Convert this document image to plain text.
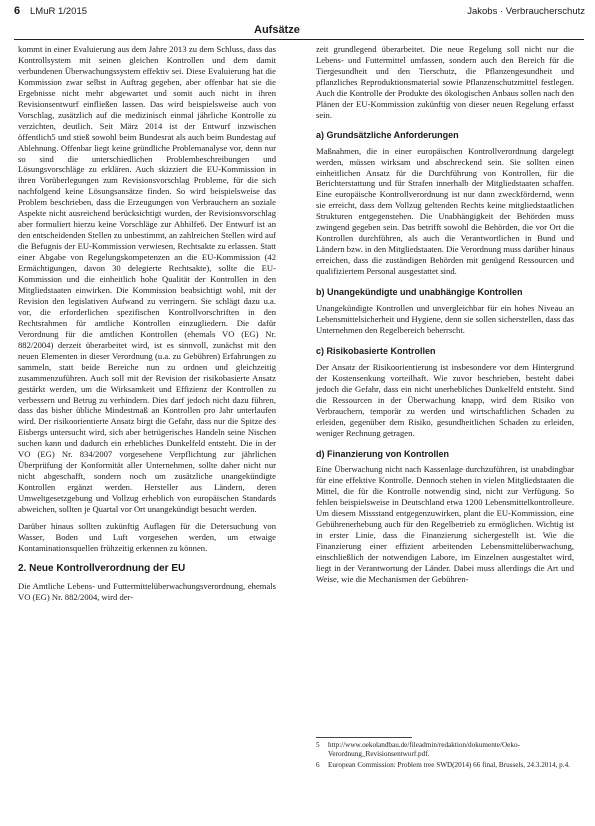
6 LMuR 1/2015	Jakobs · Verbraucherschutz
Aufsätze

kommt in einer Evaluierung aus dem Jahre 2013 zu dem Schluss, dass das Kontrollsystem mit seinen gleichen Kontrollen und dem damit verbundenen Überwachungssystem effektiv sei. Diese Evaluierung hat die Kommission zwar selbst in Auftrag gegeben, aber offenbar hat sie die Ergebnisse nicht mehr abgewartet und somit auch nicht in ihren Revisionsentwurf einfließen lassen. Das wird beispielsweise auch von Vorschlag, zusätzlich auf die medizinisch einmal jährliche Kontrolle zu verzichten, deutlich. Seit März 2014 ist der Entwurf inzwischen öffentlich5 und stieß sowohl beim Bundesrat als auch beim Bundestag auf Ablehnung. Offenbar liegt keine gründliche Problemanalyse vor, denn nur so sind die unterschiedlichen Problembeschreibungen und Lösungsvorschläge zu erklären. Auch skizziert die EU-Kommission in ihren Vorüberlegungen zum Revisionsvorschlag Probleme, für die sich nachfolgend keine Lösungsansätze finden. So wird beispielsweise das Problem beschrieben, dass die Erzeugungen von Verbrauchern an soziale Aspekte nicht ausreichend berücksichtigt wurden, der Revisionsvorschlag aber formuliert hierzu keine Vorschläge zur Abhilfe6. Der Entwurf ist an den entscheidenden Stellen zu unbestimmt, an zahlreichen Stellen wird auf die Befugnis der EU-Kommission verwiesen, Rechtsakte zu erlassen. Statt einer Abgabe von Regelungskompetenzen an die EU-Kommission (42 Ermächtigungen, davon 30 delegierte Rechtsakte), sollte die EU-Kommission und die einheitlich hohe Qualität der Kontrollen in den Mitgliedstaaten einwirken. Die Kommission beabsichtigt wohl, mit der Revision den legislativen Aufwand zu verringern. Sie schlägt dazu u.a. vor, die erforderlichen spezifischen Kontrollvorschriften in den Rechtsrahmen für amtliche Kontrollen einzugliedern. Die dafür Verordnung für die amtlichen Kontrollen (ehemals VO (EG) Nr. 882/2004) derzeit überarbeitet wird, ist es sinnvoll, zunächst mit den neuen Elementen in dieser Verordnung (u.a. zu Gebühren) Erfahrungen zu sammeln, statt beide Bereiche nun zu ordnen und gleichzeitig zusammenzuführen. Auch soll mit der Revision der risikobasierte Ansatz gestärkt werden, um die Wirksamkeit und Effizienz der Kontrollen zu verbessern und Betrug zu verhindern. Dies darf jedoch nicht dazu führen, dass das bisher übliche Mindestmaß an Kontrollen pro Jahr unterlaufen wird. Der risikoorientierte Ansatz birgt die Gefahr, dass nur die Spitze des Eisbergs untersucht wird, sich aber betrügerisches Handeln seine Nischen suchen kann und dadurch ein erhebliches Dunkelfeld entsteht. Die in der VO (EG) Nr. 834/2007 vorgesehene Verpflichtung zur jährlichen Überprüfung der Konformität aller Unternehmen, sollte daher nicht nur nicht abgeschafft, sondern noch um zusätzliche unangekündigte Kontrollen ergänzt werden. Hersteller aus Ländern, deren Umweltgesetzgebung und Vollzug erheblich von europäischen Standards abweichen, sollten je Quartal vor Ort unangekündigt besucht werden.

Darüber hinaus sollten zukünftig Auflagen für die Detersuchung von Wasser, Boden und Luft vorgesehen werden, um etwaige Kontaminationsquellen frühzeitig erkennen zu können.

2. Neue Kontrollverordnung der EU

Die Amtliche Lebens- und Futtermittelüberwachungsverordnung, ehemals VO (EG) Nr. 882/2004, wird der-

zeit grundlegend überarbeitet. Die neue Regelung soll nicht nur die Lebens- und Futtermittel umfassen, sondern auch den Bereich für die Tiergesundheit und den Tierschutz, die Pflanzengesundheit und pflanzliches Reproduktionsmaterial sowie Pflanzenschutzmittel festlegen. Auch die Kontrolle der Produkte des ökologischen Anbaus sollen nach den Plänen der EU-Kommission zukünftig von dieser neuen Regelung erfasst sein.

a) Grundsätzliche Anforderungen

Maßnahmen, die in einer europäischen Kontrollverordnung dargelegt werden, müssen wirksam und abschreckend sein. Sie sollten einen einheitlichen Ansatz für die Durchführung von Kontrollen, für die Berichterstattung und für Strafen innerhalb der Mitgliedstaaten schaffen. Eine europäische Kontrollverordnung ist nur dann zweckfördernd, wenn sie erreicht, dass dem Vollzug geltenden Rechts keine mitgliedstaatlichen Strukturen entgegenstehen. Die Unabhängigkeit der Behörden muss zwingend gegeben sein. Das betrifft sowohl die Behörden, die vor Ort die Kontrollen durchführen, als auch die Verantwortlichen in Bund und Ländern bzw. in den Mitgliedstaaten. Die Verordnung muss darüber hinaus erreichen, dass die zuständigen Behörden mit genügend Ressourcen und qualifiziertem Personal ausgestattet sind.

b) Unangekündigte und unabhängige Kontrollen

Unangekündigte Kontrollen und unvergleichbar für ein hohes Niveau an Lebensmittelsicherheit und Hygiene, denn sie sollen sicherstellen, dass das Unternehmen den Regelbereich beherrscht.

c) Risikobasierte Kontrollen

Der Ansatz der Risikoorientierung ist insbesondere vor dem Hintergrund der Kostensenkung vorteilhaft. Wie zuvor beschrieben, besteht dabei jedoch die Gefahr, dass ein nicht unerhebliches Dunkelfeld entsteht. Sind die Ressourcen in der Überwachung knapp, wird dem Risiko von Verbrauchern, temporär zu werden und wirtschaftlichen Schaden zu erleiden, gegenüber dem Risiko, gesundheitlichen Schaden zu erleiden, weniger Rechnung getragen.

d) Finanzierung von Kontrollen

Eine Überwachung nicht nach Kassenlage durchzuführen, ist unabdingbar für eine effektive Kontrolle. Dennoch stehen in vielen Mitgliedstaaten die Mittel, die für die Kontrolle notwendig sind, nicht zur Verfügung. So fehlen beispielsweise in Deutschland etwa 1200 Lebensmittelkontrolleure. Um diesem Missstand entgegenzuwirken, plant die EU-Kommission, eine Gebührenerhebung auch für den Regelbetrieb zu ermöglichen. Wichtig ist in erster Linie, dass die Finanzierung sichergestellt ist. Wie die Finanzierung einer effizient arbeitenden Lebensmittelüberwachung, einschließlich der notwendigen Labore, im Einzelnen ausgestaltet wird, liegt in der Verantwortung der Länder. Dabei muss allerdings die Art und Weise, wie die Mechanismen der Gebühren-

5	http://www.oekolandbau.de/fileadmin/redaktion/dokumente/Oeko-Verordnung_Revisionsentwurf.pdf.
6	European Commission: Problem tree SWD(2014) 66 final, Brussels, 24.3.2014, p.4.
